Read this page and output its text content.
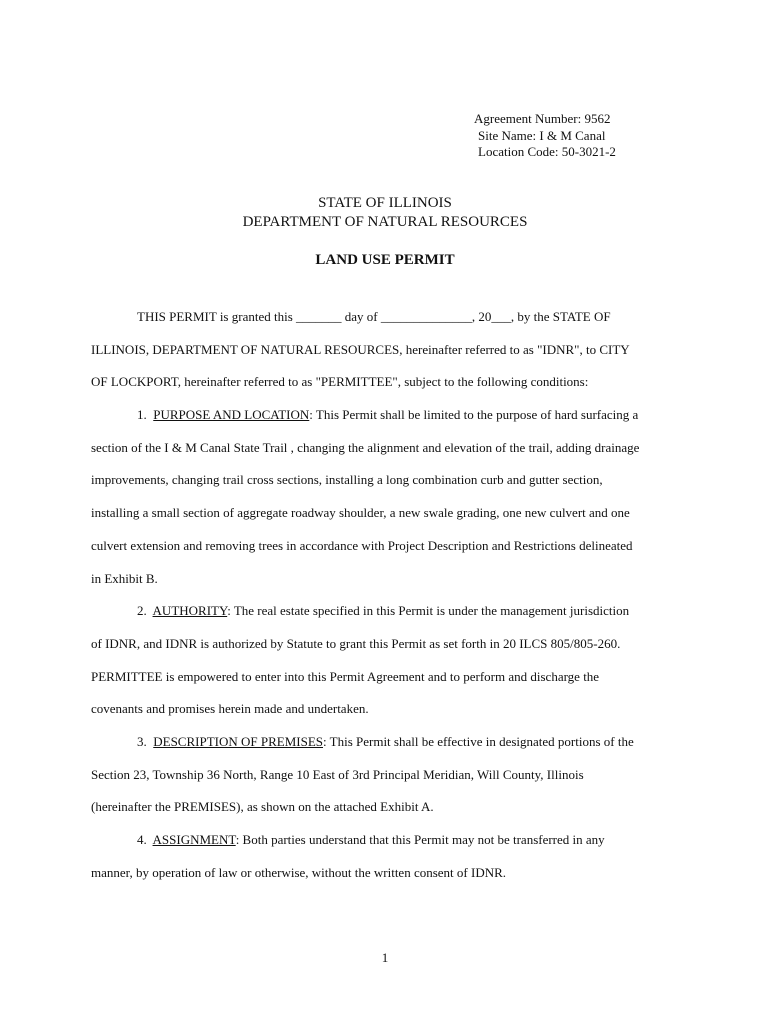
Agreement Number: 9562
Site Name: I & M Canal
Location Code: 50-3021-2
STATE OF ILLINOIS
DEPARTMENT OF NATURAL RESOURCES
LAND USE PERMIT
THIS PERMIT is granted this _______ day of ______________, 20___, by the STATE OF
ILLINOIS, DEPARTMENT OF NATURAL RESOURCES, hereinafter referred to as "IDNR", to CITY
OF LOCKPORT, hereinafter referred to as "PERMITTEE", subject to the following conditions:
1. PURPOSE AND LOCATION: This Permit shall be limited to the purpose of hard surfacing a
section of the I & M Canal State Trail , changing the alignment and elevation of the trail, adding drainage
improvements, changing trail cross sections, installing a long combination curb and gutter section,
installing a small section of aggregate roadway shoulder, a new swale grading, one new culvert and one
culvert extension and removing trees in accordance with Project Description and Restrictions delineated
in Exhibit B.
2. AUTHORITY: The real estate specified in this Permit is under the management jurisdiction
of IDNR, and IDNR is authorized by Statute to grant this Permit as set forth in 20 ILCS 805/805-260.
PERMITTEE is empowered to enter into this Permit Agreement and to perform and discharge the
covenants and promises herein made and undertaken.
3. DESCRIPTION OF PREMISES: This Permit shall be effective in designated portions of the
Section 23, Township 36 North, Range 10 East of 3rd Principal Meridian, Will County, Illinois
(hereinafter the PREMISES), as shown on the attached Exhibit A.
4. ASSIGNMENT: Both parties understand that this Permit may not be transferred in any
manner, by operation of law or otherwise, without the written consent of IDNR.
1
